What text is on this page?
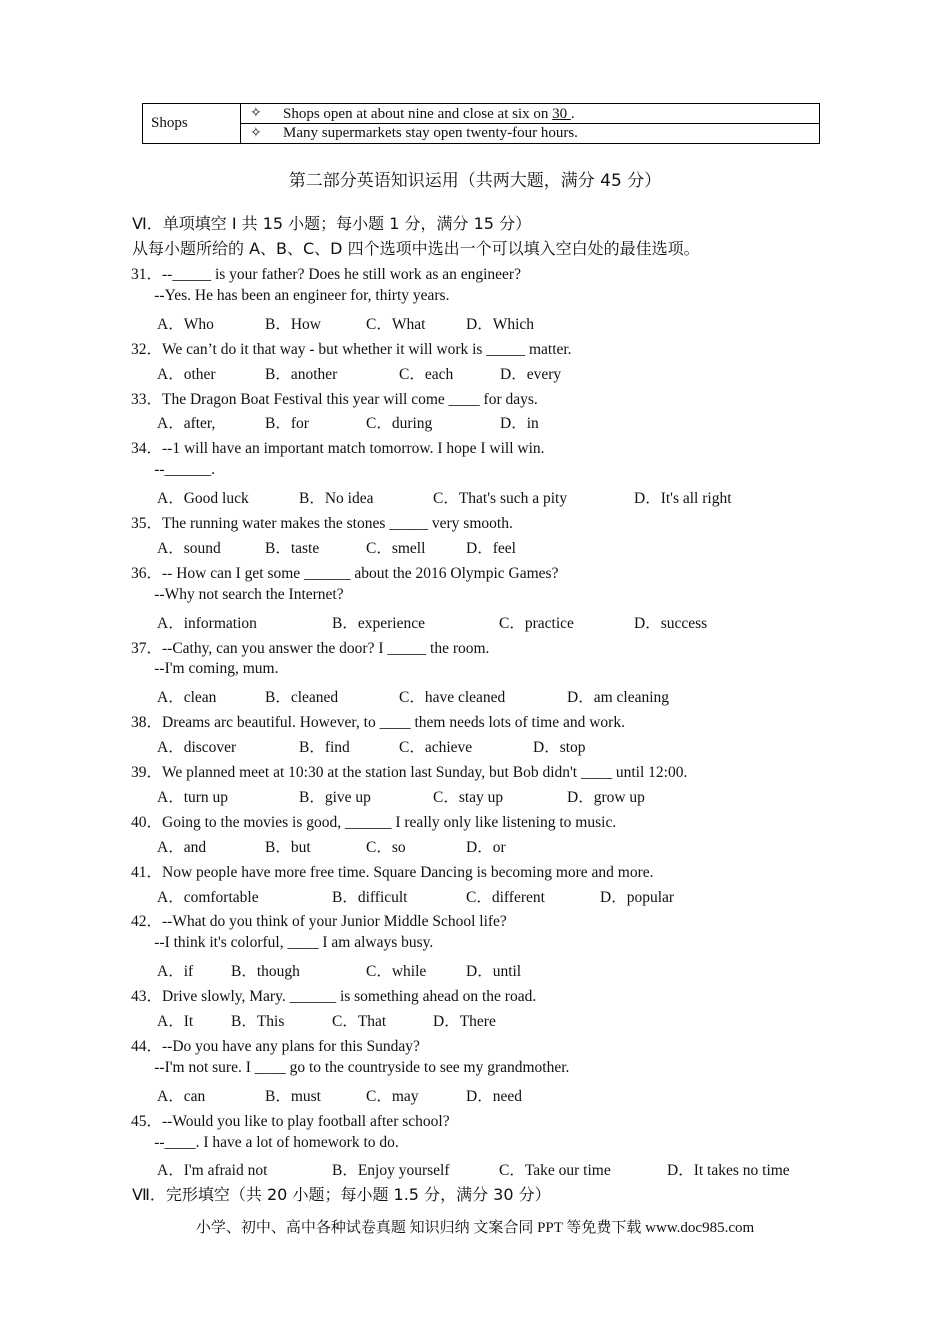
Shops
✧ Shops open at about nine and close at six on 30 .
✧ Many supermarkets stay open twenty-four hours.
第二部分英语知识运用（共两大题，满分 45 分）
Ⅵ．单项填空 I 共 15 小题；每小题 1 分，满分 15 分）
从每小题所给的 A、B、C、D 四个选项中选出一个可以填入空白处的最佳选项。
31．--_____ is your father? Does he still work as an engineer?
--Yes. He has been an engineer for, thirty years.
A．Who	B．How	C．What	D．Which
32．We can’t do it that way - but whether it will work is _____ matter.
A．other	B．another	C．each	D．every
33．The Dragon Boat Festival this year will come ____ for days.
A．after,	B．for	C．during	D．in
34．--1 will have an important match tomorrow. I hope I will win.
--______.
A．Good luck	B．No idea	C．That's such a pity	D．It's all right
35．The running water makes the stones _____ very smooth.
A．sound	B．taste	C．smell	D．feel
36．-- How can I get some ______ about the 2016 Olympic Games?
--Why not search the Internet?
A．information	B．experience	C．practice	D．success
37．--Cathy, can you answer the door? I _____ the room.
--I'm coming, mum.
A．clean	B．cleaned	C．have cleaned	D．am cleaning
38．Dreams arc beautiful. However, to ____ them needs lots of time and work.
A．discover	B．find	C．achieve	D．stop
39．We planned meet at 10:30 at the station last Sunday, but Bob didn't ____ until 12:00.
A．turn up	B．give up	C．stay up	D．grow up
40．Going to the movies is good, ______ I really only like listening to music.
A．and	B．but	C．so	D．or
41．Now people have more free time. Square Dancing is becoming more and more.
A．comfortable	B．difficult	C．different	D．popular
42．--What do you think of your Junior Middle School life?
--I think it's colorful, ____ I am always busy.
A．if B．though	C．while	D．until
43．Drive slowly, Mary. ______ is something ahead on the road.
A．It B．This	C．That	D．There
44．--Do you have any plans for this Sunday?
--I'm not sure. I ____ go to the countryside to see my grandmother.
A．can	B．must	C．may	D．need
45．--Would you like to play football after school?
--____. I have a lot of homework to do.
A．I'm afraid not	B．Enjoy yourself	C．Take our time	D．It takes no time
Ⅶ．完形填空（共 20 小题；每小题 1.5 分，满分 30 分）
小学、初中、高中各种试卷真题 知识归纳 文案合同 PPT 等免费下载 www.doc985.com
